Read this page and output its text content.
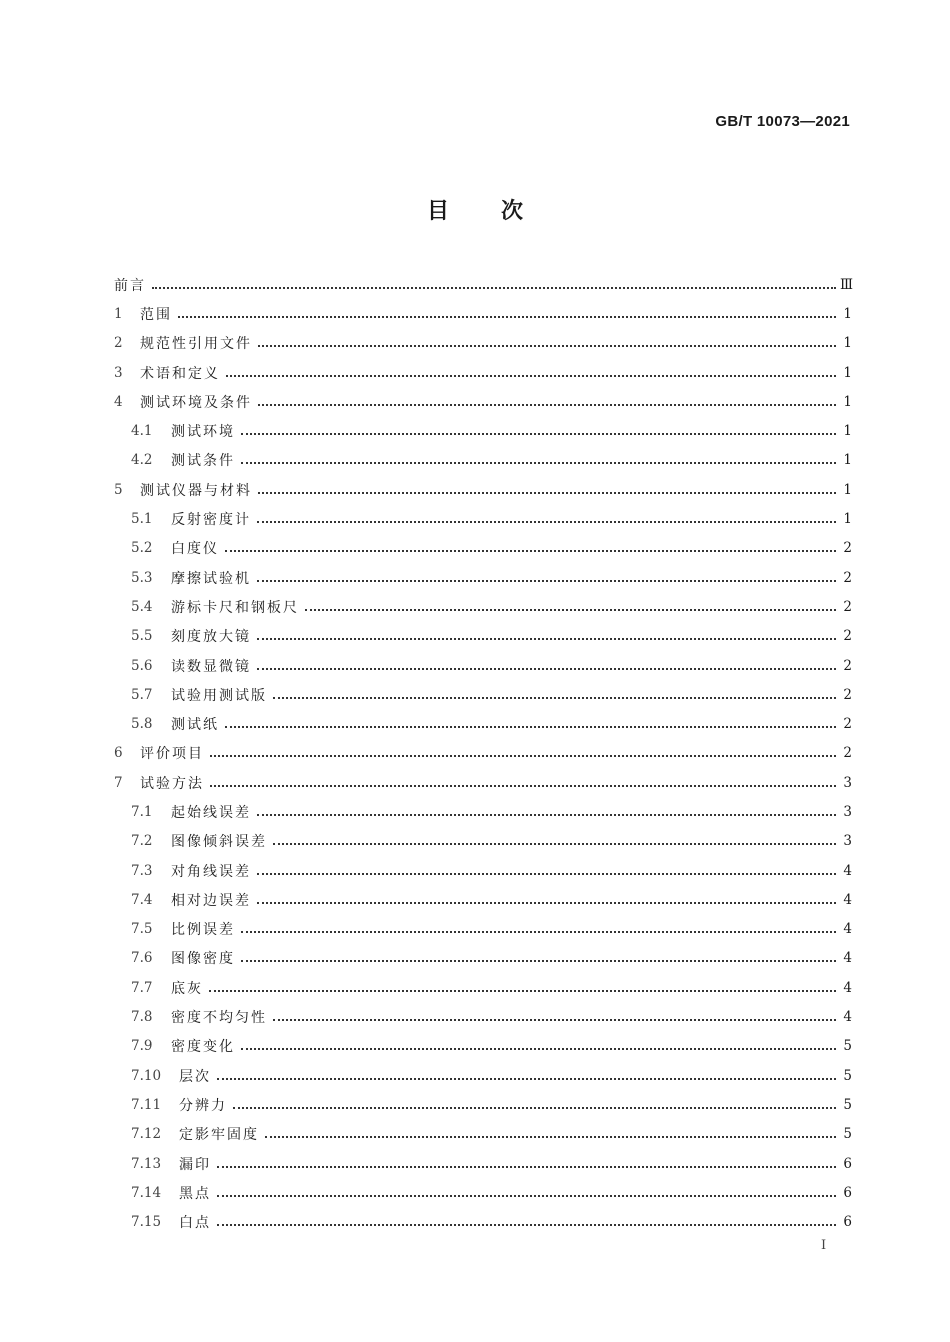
GB/T 10073—2021
目次
前言	Ⅲ
1	范围	1
2	规范性引用文件	1
3	术语和定义	1
4	测试环境及条件	1
4.1	测试环境	1
4.2	测试条件	1
5	测试仪器与材料	1
5.1	反射密度计	1
5.2	白度仪	2
5.3	摩擦试验机	2
5.4	游标卡尺和钢板尺	2
5.5	刻度放大镜	2
5.6	读数显微镜	2
5.7	试验用测试版	2
5.8	测试纸	2
6	评价项目	2
7	试验方法	3
7.1	起始线误差	3
7.2	图像倾斜误差	3
7.3	对角线误差	4
7.4	相对边误差	4
7.5	比例误差	4
7.6	图像密度	4
7.7	底灰	4
7.8	密度不均匀性	4
7.9	密度变化	5
7.10	层次	5
7.11	分辨力	5
7.12	定影牢固度	5
7.13	漏印	6
7.14	黑点	6
7.15	白点	6
I
